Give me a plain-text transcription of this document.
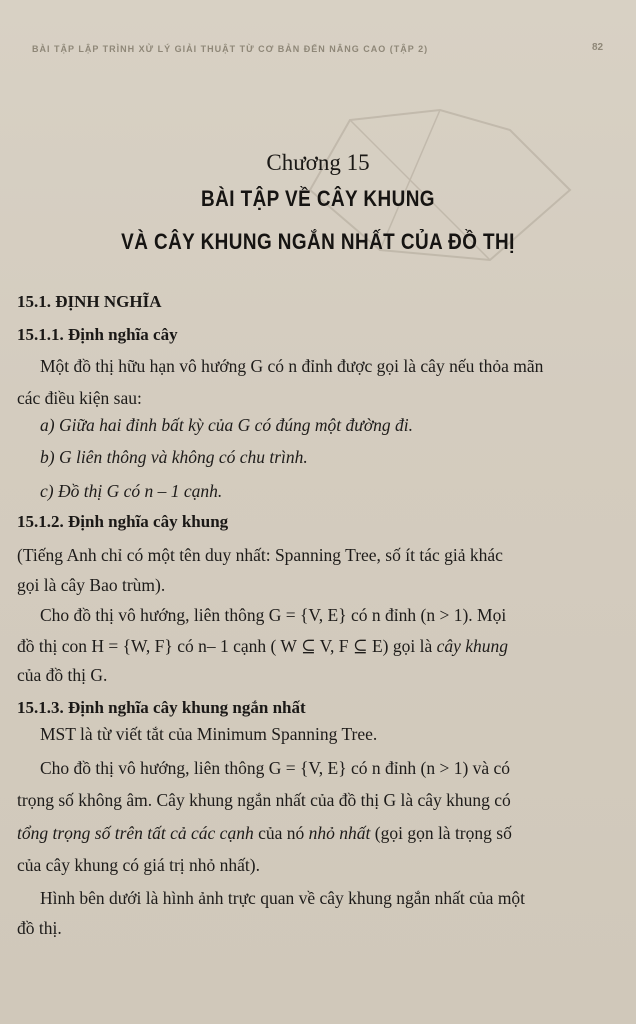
BÀI TẬP LẬP TRÌNH XỬ LÝ GIẢI THUẬT TỪ CƠ BẢN ĐẾN NÂNG CAO (TẬP 2)	82
Chương 15
BÀI TẬP VỀ CÂY KHUNG
VÀ CÂY KHUNG NGẮN NHẤT CỦA ĐỒ THỊ
15.1. ĐỊNH NGHĨA
15.1.1. Định nghĩa cây
Một đồ thị hữu hạn vô hướng G có n đỉnh được gọi là cây nếu thỏa mãn
các điều kiện sau:
a) Giữa hai đỉnh bất kỳ của G có đúng một đường đi.
b) G liên thông và không có chu trình.
c) Đồ thị G có n – 1 cạnh.
15.1.2. Định nghĩa cây khung
(Tiếng Anh chỉ có một tên duy nhất: Spanning Tree, số ít tác giả khác
gọi là cây Bao trùm).
Cho đồ thị vô hướng, liên thông G = {V, E} có n đỉnh (n > 1). Mọi
đồ thị con H = {W, F} có n– 1 cạnh ( W ⊆ V, F ⊆ E) gọi là cây khung
của đồ thị G.
15.1.3. Định nghĩa cây khung ngắn nhất
MST là từ viết tắt của Minimum Spanning Tree.
Cho đồ thị vô hướng, liên thông G = {V, E} có n đỉnh (n > 1) và có
trọng số không âm. Cây khung ngắn nhất của đồ thị G là cây khung có
tổng trọng số trên tất cả các cạnh của nó nhỏ nhất (gọi gọn là trọng số
của cây khung có giá trị nhỏ nhất).
Hình bên dưới là hình ảnh trực quan về cây khung ngắn nhất của một
đồ thị.
